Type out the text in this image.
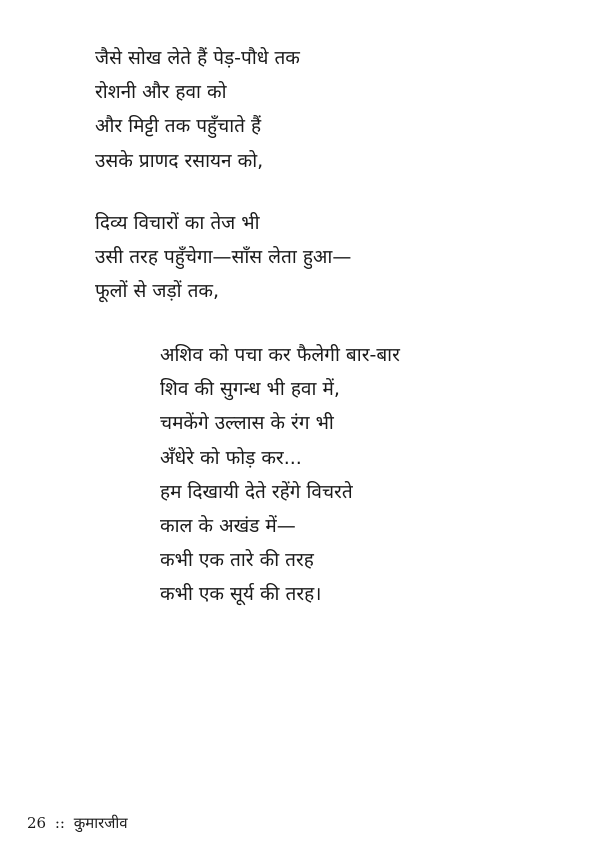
जैसे सोख लेते हैं पेड़-पौधे तक
रोशनी और हवा को
और मिट्टी तक पहुँचाते हैं
उसके प्राणद रसायन को,
दिव्य विचारों का तेज भी
उसी तरह पहुँचेगा—साँस लेता हुआ—
फूलों से जड़ों तक,
अशिव को पचा कर फैलेगी बार-बार
शिव की सुगन्ध भी हवा में,
चमकेंगे उल्लास के रंग भी
अँधेरे को फोड़ कर...
हम दिखायी देते रहेंगे विचरते
काल के अखंड में—
कभी एक तारे की तरह
कभी एक सूर्य की तरह।
26 :: कुमारजीव
